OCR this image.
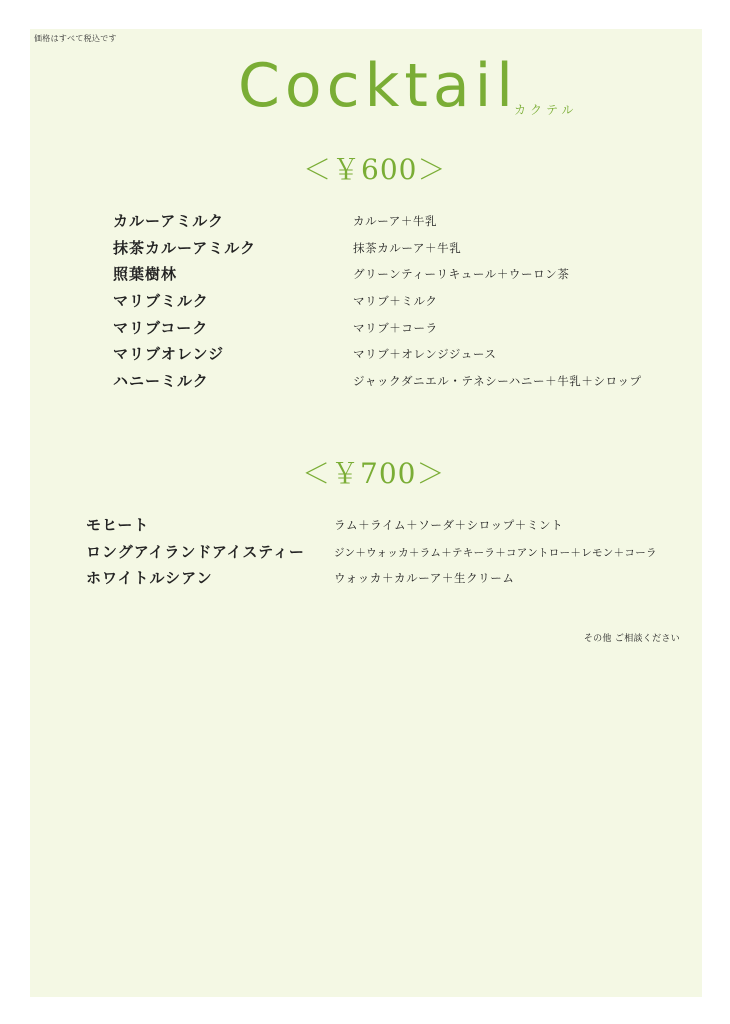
価格はすべて税込です
Cocktail
カクテル
＜￥600＞
カルーアミルク	カルーア＋牛乳
抹茶カルーアミルク	抹茶カルーア＋牛乳
照葉樹林	グリーンティーリキュール＋ウーロン茶
マリブミルク	マリブ＋ミルク
マリブコーク	マリブ＋コーラ
マリブオレンジ	マリブ＋オレンジジュース
ハニーミルク	ジャックダニエル・テネシーハニー＋牛乳＋シロップ
＜￥700＞
モヒート	ラム＋ライム＋ソーダ＋シロップ＋ミント
ロングアイランドアイスティー	ジン＋ウォッカ＋ラム＋テキーラ＋コアントロー＋レモン＋コーラ
ホワイトルシアン	ウォッカ＋カルーア＋生クリーム
その他 ご相談ください
